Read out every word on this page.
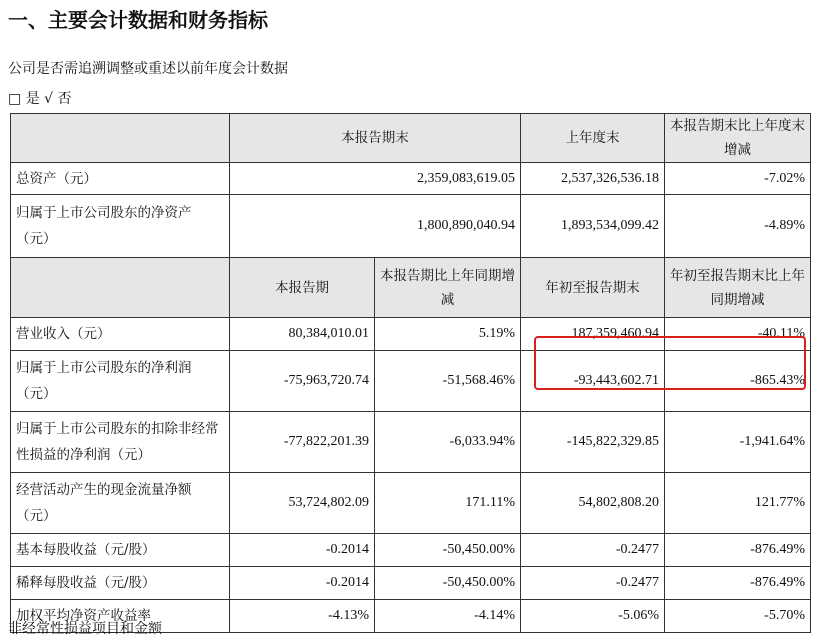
一、主要会计数据和财务指标
公司是否需追溯调整或重述以前年度会计数据
□ 是 √ 否
	本报告期末		上年度末	本报告期末比上年度末增减
总资产（元）	2,359,083,619.05		2,537,326,536.18	-7.02%
归属于上市公司股东的净资产（元）	1,800,890,040.94		1,893,534,099.42	-4.89%
	本报告期	本报告期比上年同期增减	年初至报告期末	年初至报告期末比上年同期增减
营业收入（元）	80,384,010.01	5.19%	187,359,460.94	-40.11%
归属于上市公司股东的净利润（元）	-75,963,720.74	-51,568.46%	-93,443,602.71	-865.43%
归属于上市公司股东的扣除非经常性损益的净利润（元）	-77,822,201.39	-6,033.94%	-145,822,329.85	-1,941.64%
经营活动产生的现金流量净额（元）	53,724,802.09	171.11%	54,802,808.20	121.77%
基本每股收益（元/股）	-0.2014	-50,450.00%	-0.2477	-876.49%
稀释每股收益（元/股）	-0.2014	-50,450.00%	-0.2477	-876.49%
加权平均净资产收益率	-4.13%	-4.14%	-5.06%	-5.70%
非经常性损益项目和金额
